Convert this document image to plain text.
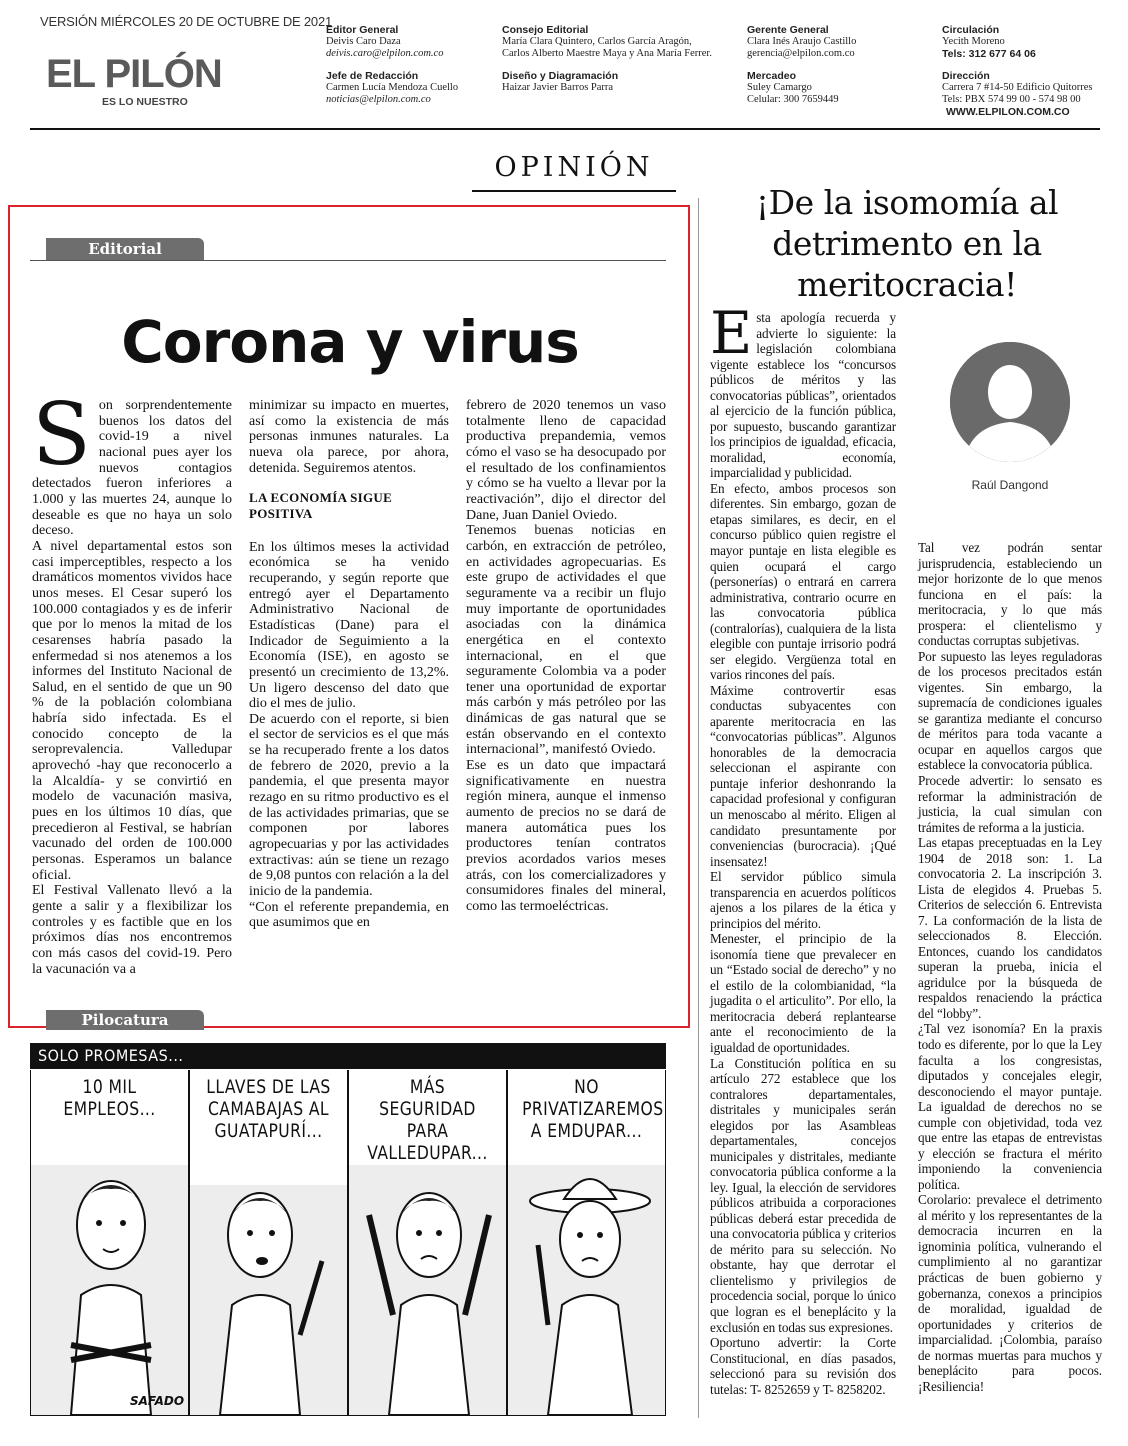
VERSIÓN MIÉRCOLES 20 DE OCTUBRE DE 2021
EL PILÓN
ES LO NUESTRO
Editor General
Deivis Caro Daza
deivis.caro@elpilon.com.co
Jefe de Redacción
Carmen Lucía Mendoza Cuello
noticias@elpilon.com.co
Consejo Editorial
María Clara Quintero, Carlos García Aragón, Carlos Alberto Maestre Maya y Ana María Ferrer.
Diseño y Diagramación
Haizar Javier Barros Parra
Gerente General
Clara Inés Araujo Castillo
gerencia@elpilon.com.co
Mercadeo
Suley Camargo
Celular: 300 7659449
Circulación
Yecith Moreno
Tels: 312 677 64 06
Dirección
Carrera 7 #14-50 Edificio Quitorres
Tels: PBX 574 99 00 - 574 98 00
WWW.ELPILON.COM.CO
OPINIÓN
Editorial
Corona y virus

Son sorprendentemente buenos los datos del covid-19 a nivel nacional pues ayer los nuevos contagios detectados fueron inferiores a 1.000 y las muertes 24, aunque lo deseable es que no haya un solo deceso.

A nivel departamental estos son casi imperceptibles, respecto a los dramáticos momentos vividos hace unos meses. El Cesar superó los 100.000 contagiados y es de inferir que por lo menos la mitad de los cesarenses habría pasado la enfermedad si nos atenemos a los informes del Instituto Nacional de Salud, en el sentido de que un 90 % de la población colombiana habría sido infectada. Es el conocido concepto de la seroprevalencia. Valledupar aprovechó -hay que reconocerlo a la Alcaldía- y se convirtió en modelo de vacunación masiva, pues en los últimos 10 días, que precedieron al Festival, se habrían vacunado del orden de 100.000 personas. Esperamos un balance oficial.

El Festival Vallenato llevó a la gente a salir y a flexibilizar los controles y es factible que en los próximos días nos encontremos con más casos del covid-19. Pero la vacunación va a

minimizar su impacto en muertes, así como la existencia de más personas inmunes naturales. La nueva ola parece, por ahora, detenida. Seguiremos atentos.

LA ECONOMÍA SIGUE POSITIVA

En los últimos meses la actividad económica se ha venido recuperando, y según reporte que entregó ayer el Departamento Administrativo Nacional de Estadísticas (Dane) para el Indicador de Seguimiento a la Economía (ISE), en agosto se presentó un crecimiento de 13,2%. Un ligero descenso del dato que dio el mes de julio.

De acuerdo con el reporte, si bien el sector de servicios es el que más se ha recuperado frente a los datos de febrero de 2020, previo a la pandemia, el que presenta mayor rezago en su ritmo productivo es el de las actividades primarias, que se componen por labores agropecuarias y por las actividades extractivas: aún se tiene un rezago de 9,08 puntos con relación a la del inicio de la pandemia.

“Con el referente prepandemia, en que asumimos que en

febrero de 2020 tenemos un vaso totalmente lleno de capacidad productiva prepandemia, vemos cómo el vaso se ha desocupado por el resultado de los confinamientos y cómo se ha vuelto a llevar por la reactivación”, dijo el director del Dane, Juan Daniel Oviedo.

Tenemos buenas noticias en carbón, en extracción de petróleo, en actividades agropecuarias. Es este grupo de actividades el que seguramente va a recibir un flujo muy importante de oportunidades asociadas con la dinámica energética en el contexto internacional, en el que seguramente Colombia va a poder tener una oportunidad de exportar más carbón y más petróleo por las dinámicas de gas natural que se están observando en el contexto internacional”, manifestó Oviedo.

Ese es un dato que impactará significativamente en nuestra región minera, aunque el inmenso aumento de precios no se dará de manera automática pues los productores tenían contratos previos acordados varios meses atrás, con los comercializadores y consumidores finales del mineral, como las termoeléctricas.

Pilocatura
SOLO PROMESAS...
10 MIL EMPLEOS...
LLAVES DE LAS CAMABAJAS AL GUATAPURÍ...
MÁS SEGURIDAD PARA VALLEDUPAR...
NO PRIVATIZAREMOS A EMDUPAR...
SAFADO
¡De la isomomía al detrimento en la meritocracia!
Raúl Dangond

Esta apología recuerda y advierte lo siguiente: la legislación colombiana vigente establece los “concursos públicos de méritos y las convocatorias públicas”, orientados al ejercicio de la función pública, por supuesto, buscando garantizar los principios de igualdad, eficacia, moralidad, economía, imparcialidad y publicidad.

En efecto, ambos procesos son diferentes. Sin embargo, gozan de etapas similares, es decir, en el concurso público quien registre el mayor puntaje en lista elegible es quien ocupará el cargo (personerías) o entrará en carrera administrativa, contrario ocurre en las convocatoria pública (contralorías), cualquiera de la lista elegible con puntaje irrisorio podrá ser elegido. Vergüenza total en varios rincones del país.

Máxime controvertir esas conductas subyacentes con aparente meritocracia en las “convocatorias públicas”. Algunos honorables de la democracia seleccionan el aspirante con puntaje inferior deshonrando la capacidad profesional y configuran un menoscabo al mérito. Eligen al candidato presuntamente por conveniencias (burocracia). ¡Qué insensatez!

El servidor público simula transparencia en acuerdos políticos ajenos a los pilares de la ética y principios del mérito.

Menester, el principio de la isonomía tiene que prevalecer en un “Estado social de derecho” y no el estilo de la colombianidad, “la jugadita o el articulito”. Por ello, la meritocracia deberá replantearse ante el reconocimiento de la igualdad de oportunidades.

La Constitución política en su artículo 272 establece que los contralores departamentales, distritales y municipales serán elegidos por las Asambleas departamentales, concejos municipales y distritales, mediante convocatoria pública conforme a la ley. Igual, la elección de servidores públicos atribuida a corporaciones públicas deberá estar precedida de una convocatoria pública y criterios de mérito para su selección. No obstante, hay que derrotar el clientelismo y privilegios de procedencia social, porque lo único que logran es el beneplácito y la exclusión en todas sus expresiones.

Oportuno advertir: la Corte Constitucional, en días pasados, seleccionó para su revisión dos tutelas: T- 8252659 y T- 8258202.

Tal vez podrán sentar jurisprudencia, estableciendo un mejor horizonte de lo que menos funciona en el país: la meritocracia, y lo que más prospera: el clientelismo y conductas corruptas subjetivas.

Por supuesto las leyes reguladoras de los procesos precitados están vigentes. Sin embargo, la supremacía de condiciones iguales se garantiza mediante el concurso de méritos para toda vacante a ocupar en aquellos cargos que establece la convocatoria pública.

Procede advertir: lo sensato es reformar la administración de justicia, la cual simulan con trámites de reforma a la justicia.

Las etapas preceptuadas en la Ley 1904 de 2018 son: 1. La convocatoria 2. La inscripción 3. Lista de elegidos 4. Pruebas 5. Criterios de selección 6. Entrevista 7. La conformación de la lista de seleccionados 8. Elección. Entonces, cuando los candidatos superan la prueba, inicia el agridulce por la búsqueda de respaldos renaciendo la práctica del “lobby”.

¿Tal vez isonomía? En la praxis todo es diferente, por lo que la Ley faculta a los congresistas, diputados y concejales elegir, desconociendo el mayor puntaje. La igualdad de derechos no se cumple con objetividad, toda vez que entre las etapas de entrevistas y elección se fractura el mérito imponiendo la conveniencia política.

Corolario: prevalece el detrimento al mérito y los representantes de la democracia incurren en la ignominia política, vulnerando el cumplimiento al no garantizar prácticas de buen gobierno y gobernanza, conexos a principios de moralidad, igualdad de oportunidades y criterios de imparcialidad. ¡Colombia, paraíso de normas muertas para muchos y beneplácito para pocos. ¡Resiliencia!
